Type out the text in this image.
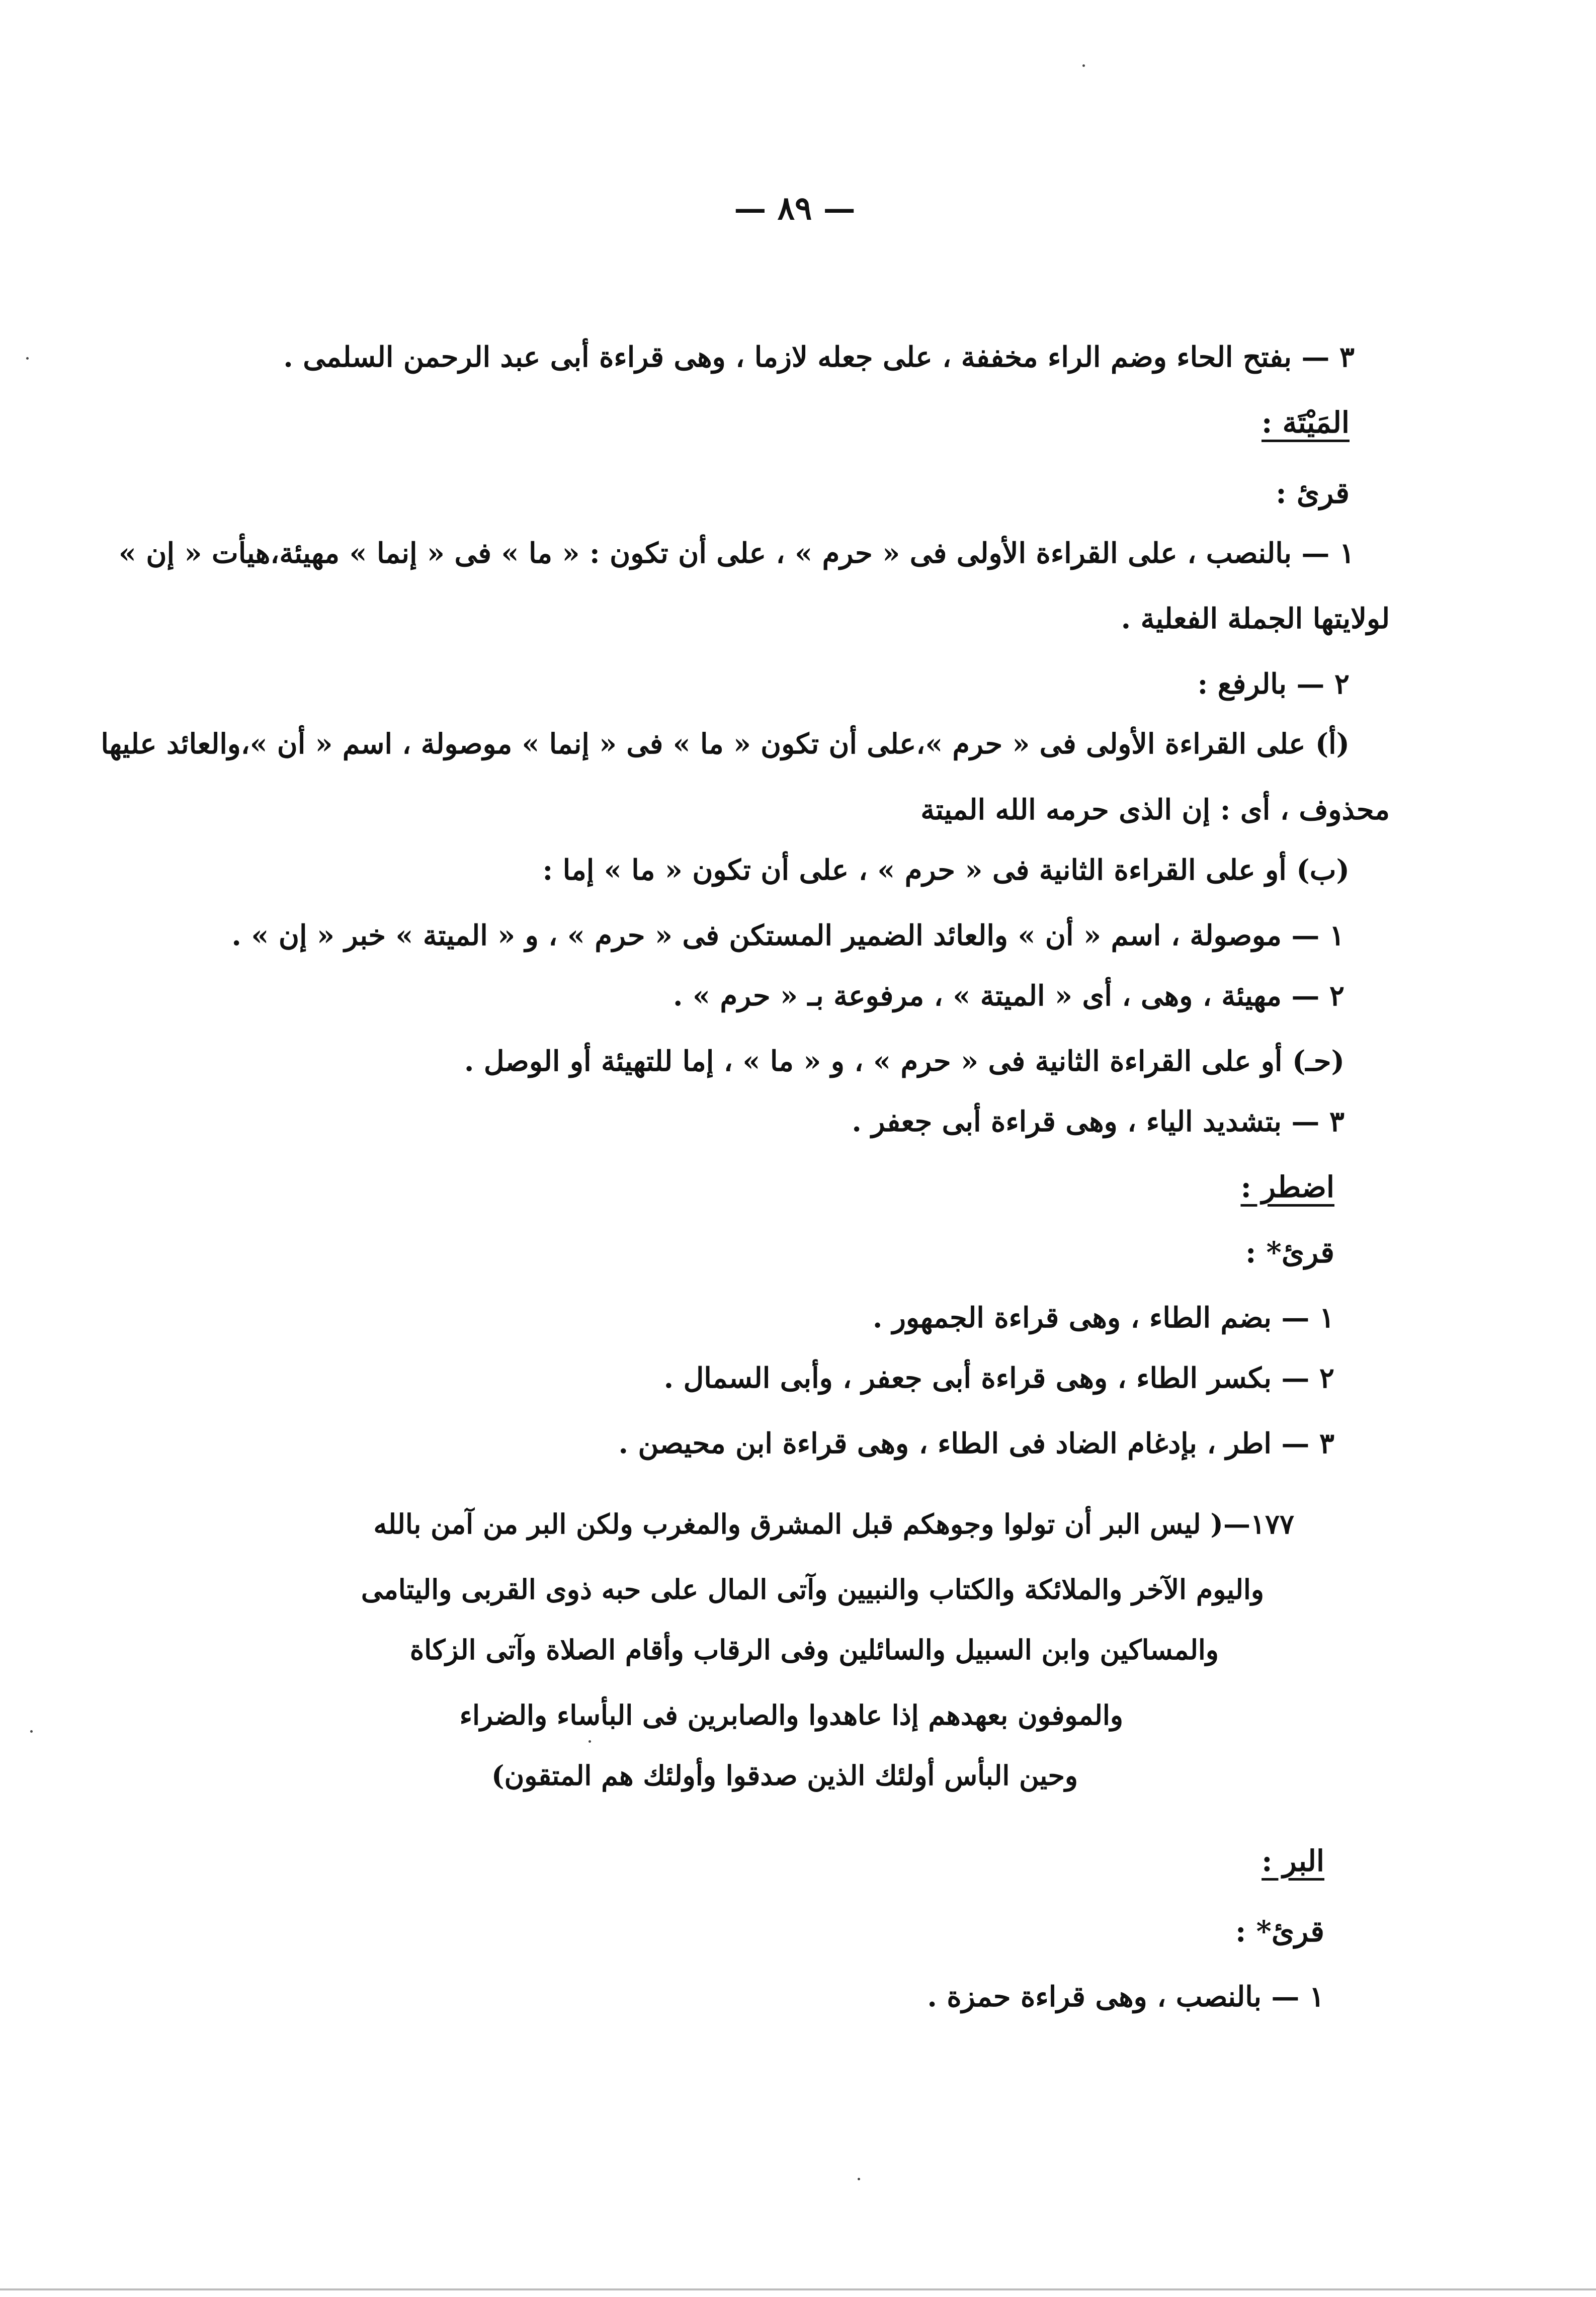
— ٨٩ —
٣ — بفتح الحاء وضم الراء مخففة ، على جعله لازما ، وهى قراءة أبى عبد الرحمن السلمى .
المَيْتَة :
قرئ :
١ — بالنصب ، على القراءة الأولى فى « حرم » ، على أن تكون : « ما » فى « إنما » مهيئة،هيأت « إن »
لولايتها الجملة الفعلية .
٢ — بالرفع :
(أ) على القراءة الأولى فى « حرم »،على أن تكون « ما » فى « إنما » موصولة ، اسم « أن »،والعائد عليها
محذوف ، أى : إن الذى حرمه الله الميتة
(ب) أو على القراءة الثانية فى « حرم » ، على أن تكون « ما » إما :
١ — موصولة ، اسم « أن » والعائد الضمير المستكن فى « حرم » ، و « الميتة » خبر « إن » .
٢ — مهيئة ، وهى ، أى « الميتة » ، مرفوعة بـ « حرم » .
(حـ) أو على القراءة الثانية فى « حرم » ، و « ما » ، إما للتهيئة أو الوصل .
٣ — بتشديد الياء ، وهى قراءة أبى جعفر .
اضطر :
قرئ* :
١ — بضم الطاء ، وهى قراءة الجمهور .
٢ — بكسر الطاء ، وهى قراءة أبى جعفر ، وأبى السمال .
٣ — اطر ، بإدغام الضاد فى الطاء ، وهى قراءة ابن محيصن .
١٧٧—( ليس البر أن تولوا وجوهكم قبل المشرق والمغرب ولكن البر من آمن بالله
واليوم الآخر والملائكة والكتاب والنبيين وآتى المال على حبه ذوى القربى واليتامى
والمساكين وابن السبيل والسائلين وفى الرقاب وأقام الصلاة وآتى الزكاة
والموفون بعهدهم إذا عاهدوا والصابرين فى البأساء والضراء
وحين البأس أولئك الذين صدقوا وأولئك هم المتقون)
البر :
قرئ* :
١ — بالنصب ، وهى قراءة حمزة .
